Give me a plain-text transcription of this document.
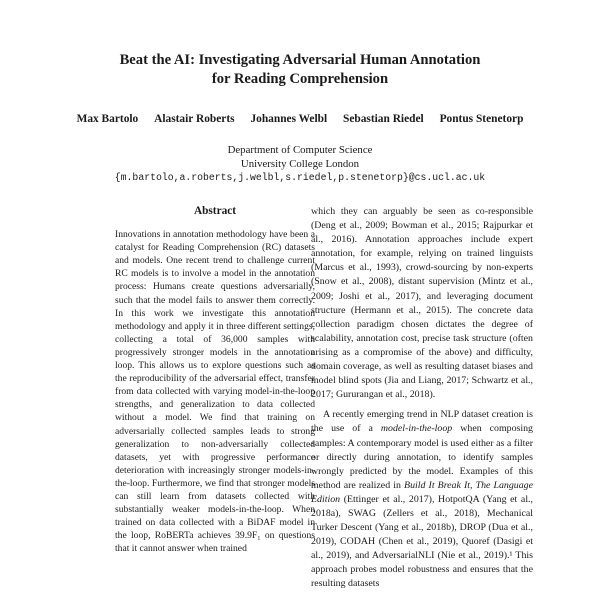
Beat the AI: Investigating Adversarial Human Annotation
for Reading Comprehension
Max Bartolo Alastair Roberts Johannes Welbl Sebastian Riedel Pontus Stenetorp
Department of Computer Science
University College London
{m.bartolo,a.roberts,j.welbl,s.riedel,p.stenetorp}@cs.ucl.ac.uk
Abstract

Innovations in annotation methodology have been a catalyst for Reading Comprehension (RC) datasets and models. One recent trend to challenge current RC models is to involve a model in the annotation process: Humans create questions adversarially, such that the model fails to answer them correctly. In this work we investigate this annotation methodology and apply it in three different settings, collecting a total of 36,000 samples with progressively stronger models in the annotation loop. This allows us to explore questions such as the reproducibility of the adversarial effect, transfer from data collected with varying model-in-the-loop strengths, and generalization to data collected without a model. We find that training on adversarially collected samples leads to strong generalization to non-adversarially collected datasets, yet with progressive performance deterioration with increasingly stronger models-in-the-loop. Furthermore, we find that stronger models can still learn from datasets collected with substantially weaker models-in-the-loop. When trained on data collected with a BiDAF model in the loop, RoBERTa achieves 39.9F₁ on questions that it cannot answer when trained

which they can arguably be seen as co-responsible (Deng et al., 2009; Bowman et al., 2015; Rajpurkar et al., 2016). Annotation approaches include expert annotation, for example, relying on trained linguists (Marcus et al., 1993), crowd-sourcing by non-experts (Snow et al., 2008), distant supervision (Mintz et al., 2009; Joshi et al., 2017), and leveraging document structure (Hermann et al., 2015). The concrete data collection paradigm chosen dictates the degree of scalability, annotation cost, precise task structure (often arising as a compromise of the above) and difficulty, domain coverage, as well as resulting dataset biases and model blind spots (Jia and Liang, 2017; Schwartz et al., 2017; Gururangan et al., 2018).

A recently emerging trend in NLP dataset creation is the use of a model-in-the-loop when composing samples: A contemporary model is used either as a filter or directly during annotation, to identify samples wrongly predicted by the model. Examples of this method are realized in Build It Break It, The Language Edition (Ettinger et al., 2017), HotpotQA (Yang et al., 2018a), SWAG (Zellers et al., 2018), Mechanical Turker Descent (Yang et al., 2018b), DROP (Dua et al., 2019), CODAH (Chen et al., 2019), Quoref (Dasigi et al., 2019), and AdversarialNLI (Nie et al., 2019).¹ This approach probes model robustness and ensures that the resulting datasets
